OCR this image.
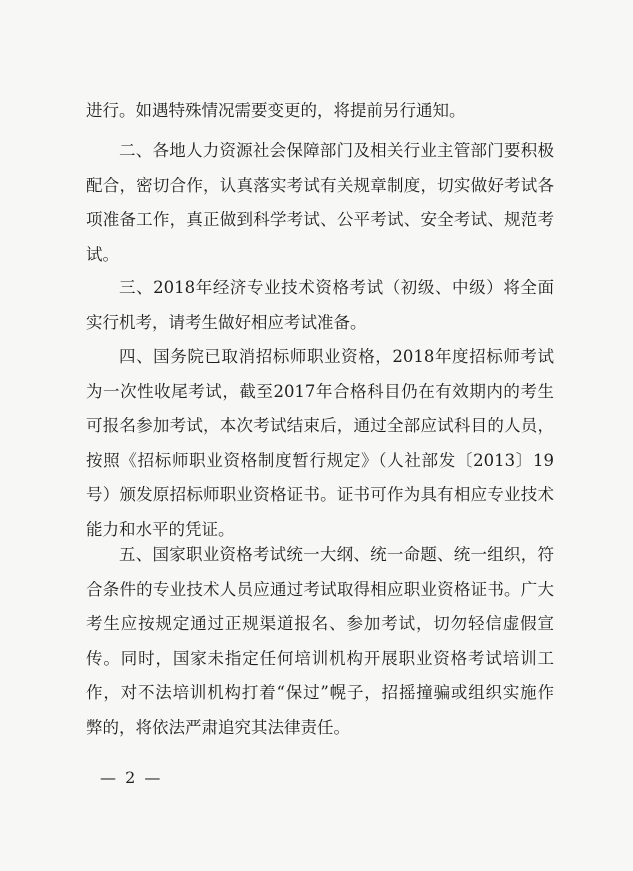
进行。如遇特殊情况需要变更的，将提前另行通知。
二、各地人力资源社会保障部门及相关行业主管部门要积极
配合，密切合作，认真落实考试有关规章制度，切实做好考试各
项准备工作，真正做到科学考试、公平考试、安全考试、规范考
试。
三、2018年经济专业技术资格考试（初级、中级）将全面
实行机考，请考生做好相应考试准备。
四、国务院已取消招标师职业资格，2018年度招标师考试
为一次性收尾考试，截至2017年合格科目仍在有效期内的考生
可报名参加考试，本次考试结束后，通过全部应试科目的人员，
按照《招标师职业资格制度暂行规定》（人社部发〔2013〕19
号）颁发原招标师职业资格证书。证书可作为具有相应专业技术
能力和水平的凭证。
五、国家职业资格考试统一大纲、统一命题、统一组织，符
合条件的专业技术人员应通过考试取得相应职业资格证书。广大
考生应按规定通过正规渠道报名、参加考试，切勿轻信虚假宣
传。同时，国家未指定任何培训机构开展职业资格考试培训工
作，对不法培训机构打着“保过”幌子，招摇撞骗或组织实施作
弊的，将依法严肃追究其法律责任。
— 2 —
